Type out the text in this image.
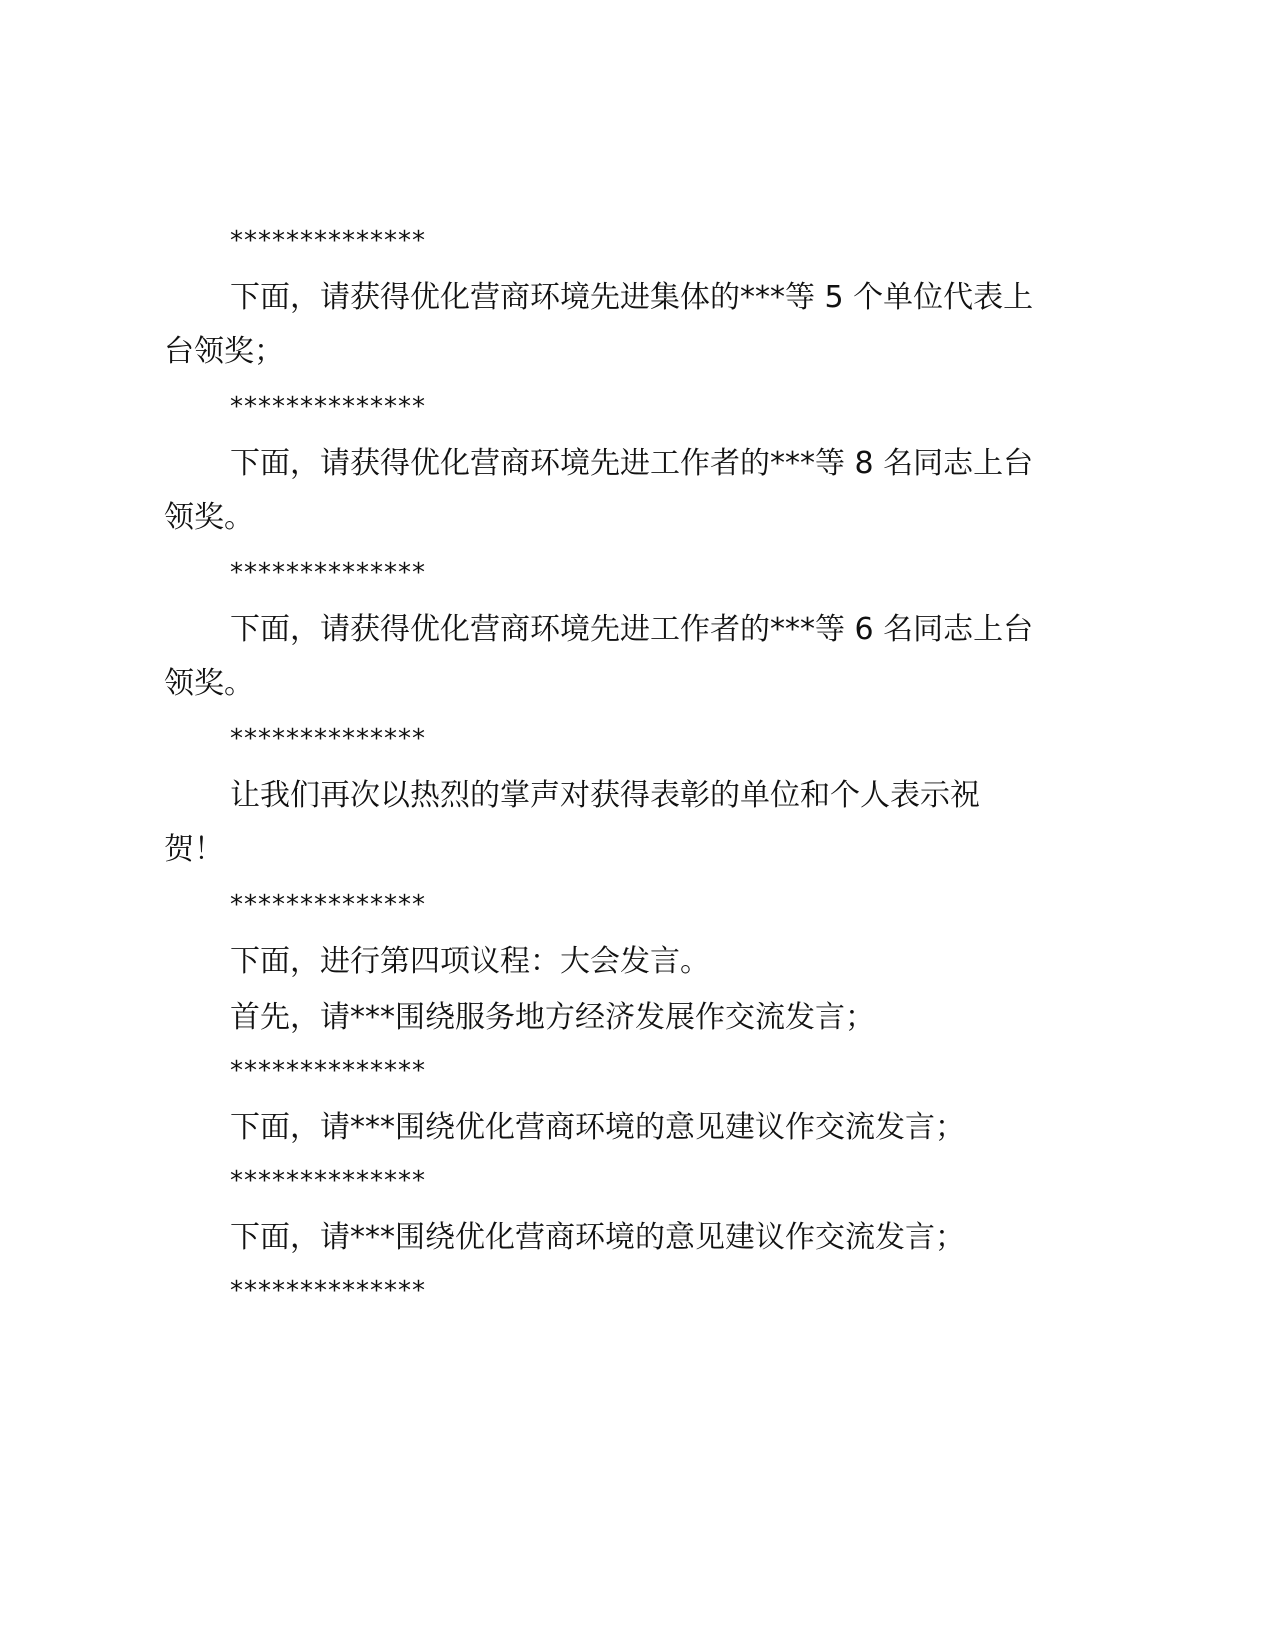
**************
下面，请获得优化营商环境先进集体的***等 5 个单位代表上
台领奖；
**************
下面，请获得优化营商环境先进工作者的***等 8 名同志上台
领奖。
**************
下面，请获得优化营商环境先进工作者的***等 6 名同志上台
领奖。
**************
让我们再次以热烈的掌声对获得表彰的单位和个人表示祝
贺！
**************
下面，进行第四项议程：大会发言。
首先，请***围绕服务地方经济发展作交流发言；
**************
下面，请***围绕优化营商环境的意见建议作交流发言；
**************
下面，请***围绕优化营商环境的意见建议作交流发言；
**************
